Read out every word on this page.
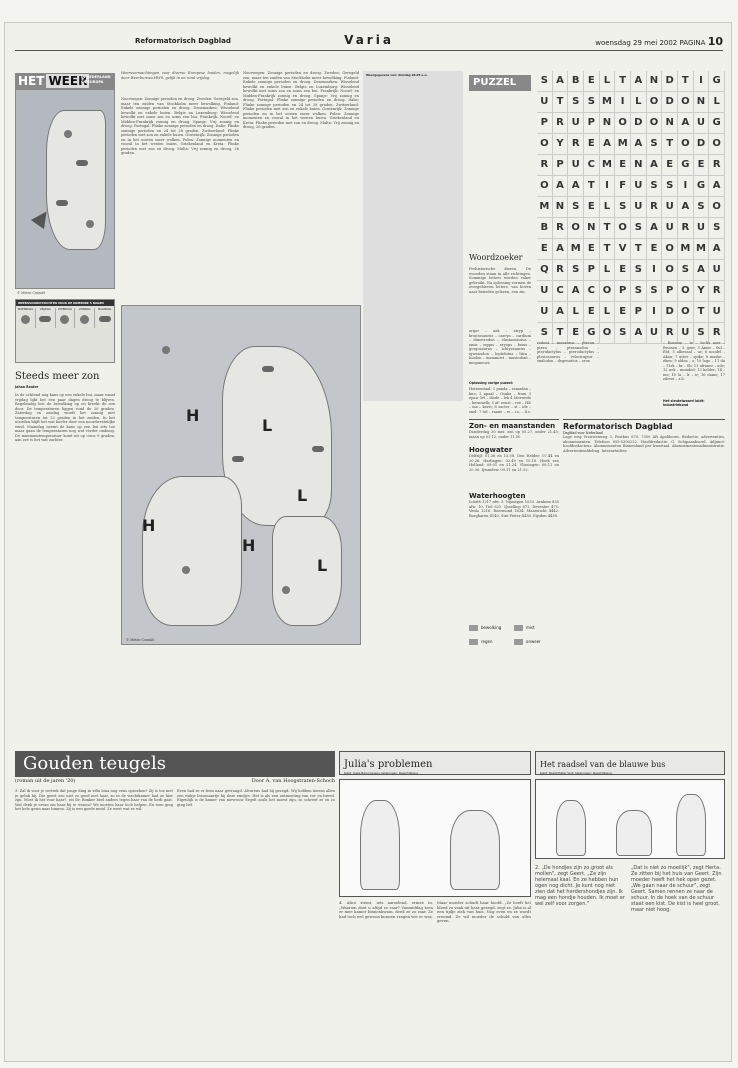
Reformatorisch Dagblad	Varia	woensdag 29 mei 2002 PAGINA 10
HET WEER
IN NEDERLAND EN EUROPA
© Meteo Consult
WEERSVOORUITZICHTEN VOOR DE KOMENDE 5 DAGEN
WOENSDAG	VRIJDAG	ZATERDAG	ZONDAG	MAANDAG
Steeds meer zon
Johan Reuter
In de ochtend nog kans op een enkele bui, maar vanaf vrijdag lijkt het een paar dagen droog te blijven. Regelmatig lost de bewolking op en breekt de zon door. De temperaturen liggen rond de 20 graden. Zaterdag en zondag wordt het zonnig met temperaturen tot 22 graden in het zuiden. In het noorden blijft het wat koeler door een noordwestelijke wind. Maandag neemt de kans op een bui iets toe maar gaan de temperaturen nog wat verder omhoog. De minimumtemperatuur komt uit op circa 9 graden, aan zee is het wat zachter.
Weersverwachtingen voor diverse Europese landen, mogelijk door Weerbureau HWS, gelijk in en rond vrijdag:
Noorwegen: Zonnige perioden en droog. Zweden: Geregeld zon, maar ten zuiden van Stockholm meer bewolking. Finland: Enkele zonnige perioden en droog. Denemarken: Wisselend bewolkt en enkele buien. Belgie en Luxemburg: Wisselend bewolkt met soms zon en soms een bui. Frankrijk: Noord- en Midden-Frankrijk zonnig en droog. Spanje: Vrij zonnig en droog. Portugal: Flinke zonnige perioden en droog. Italie: Flinke zonnige perioden en 24 tot 28 graden. Zwitserland: Flinke perioden met zon en enkele buien. Oostenrijk: Zonnige perioden en in het oosten meer wolken. Polen: Zonnige momenten en vooral in het westen buien. Griekenland en Kreta: Flinke perioden met zon en droog. Malta: Vrij zonnig en droog, 26 graden.
Noorwegen: Zonnige perioden en droog. Zweden: Geregeld zon, maar ten zuiden van Stockholm meer bewolking. Finland: Enkele zonnige perioden en droog. Denemarken: Wisselend bewolkt en enkele buien. Belgie en Luxemburg: Wisselend bewolkt met soms zon en soms een bui. Frankrijk: Noord- en Midden-Frankrijk zonnig en droog. Spanje: Vrij zonnig en droog. Portugal: Flinke zonnige perioden en droog. Italie: Flinke zonnige perioden en 24 tot 28 graden. Zwitserland: Flinke perioden met zon en enkele buien. Oostenrijk: Zonnige perioden en in het oosten meer wolken. Polen: Zonnige momenten en vooral in het westen buien. Griekenland en Kreta: Flinke perioden met zon en droog. Malta: Vrij zonnig en droog, 26 graden.
Weergegevens van: dinsdag 28.05 u.u.
H
L
L
H
L
H
© Meteo Consult
PUZZEL	S A B E L T A N D T	I G
U T S S M I	L O D O N L
P R U P N O D O N A U G
O Y R E A M A S T O D O
R P U C M E N A E G E R
O A A T	I	F U S S	I G A
M N S E L S U R U A S O
B R O N T O S A U R U S
E A M E T V T E O M M A
Q R S P L E S	I O S A U
U C A C O P S S P O Y R
U A L E L E P	I D O T U
S T E G O S A U R U S R
Woordzoeker
Prehistorische dieren. De woorden staan in alle richtingen. Sommige letters worden vaker gebruikt. Na oplossing vormen de overgebleven letters, van boven naar beneden gelezen, een zin.
argor – auk – atryp – brontosaurus – carcyn – cardium – dimetrodon – elasmosaurus – emis – eqqus – eryops – fusus – gorgosaurus – ichtyosaurus – igwanodon – leptidotus – litra – hiodon – mammoet – mastodont – meganeura
rodont – mosaurus – pteron – ptera – pteranodon – pteridactylus – pterodactylus – plesiosaurus – velociraptor – smilodon – degenatica – orox
Oplossing vorige puzzel:
Horizontaal: 1 panda – ramadan – kuo; 2 apaal – Osaka – from 3 epau- let – diode – lek 4 Merwede – kernmelk; 5 af- eenst – ree – HK – ma – kerst; 6 sacter – st – ide – snel; 7 tof – raage – rs – i.o. – il.s.
– Rossum – tz – ho-lis mer – Bruisen – 3. gent; 3 Amer – Sul – RM; 5 albensal – uz; 6 noodel – Akon; 7 utter – spike; 8 maske – eken; 9 aldea – o; 10 logo – 11 da – 11sk – br – Sb; 11 afraner – ode; 12 nek – munded; 13 kelder; 14 – ine; 15 la – lr – ir; 16 dame; 17 zilerei – z.b.
Het sleutelwoord luidt: industriebond
Zon- en maanstanden
Donderdag 30 mei: zon op 05.27, onder 21.45; maan op 01.12, onder 11.50
Hoogwater
Delfzijl: 01.36 en 13.58. Den Helder: 07.44 en 20.26. Harlingen: 02.49 en 15.18. Hoek van Holland: 09.01 en 21.24. Vlissingen: 08.11 en 20.30. IJmuiden: 09.11 en 21.52.
Waterhoogten
Lobith 1217 afw. 5. Nijmegen 1033. Arnhem 835 afw. 10. Tiel 621. IJsselkop 872. Deventer 475. Venlo 1216. Roermond 1634. Maastricht 4442. Borgharen 4140. Sint Pieter 4438. Eijsden 4438.
Reformatorisch Dagblad
Dagblad voor Nederland
Lage weg Vrouwenweg 3, Postbus 670, 7300 AR Apeldoorn. Redactie, advertenties, abonnementen. Telefoon 055-5390222. Hoofdredactie: G. Schipaanboord. Adjunct-hoofdredacteur. Abonnementen Binnenland per kwartaal. Abonnementenadministratie. Advertentieafdeling. Internetadres.
bewolking	mist
regen	onweer
Gouden teugels
(roman uit de jaren '20)	Door A. van Hoogstraten-Schoch
3. Zal ik voor je vertrek dat jonge ding in villa Iona nog eens opzoeken? Zij is toe met je geluk bij. Die geest zou niet zo goed met haar, zo in de wachtkamer had ze hier zijn. Moet ik het voor haar?, zei Dr. Bonker heel anders tegen haar van de kerk gaat. Wat denk je ervan om haar bij te wonen? We moeten haar toch helpen. En toen ging het hele gezin naar binnen. Zij is een goede meid. Ze weet wat ze wil.
Even had ze er hem naar gevraagd. Alvorens had hij gezegd: Wij hebben ineens allen een wakje lessenaartje bij deze eindjes. Het is als een ontmoeting van ver en breed. Eigenlijk is de kamer van mevrouw Ergelt zoals het moest zijn, zo schreef ze en zo ging het.
Julia's problemen
tekst: Ineke Baron Jansen; tekeningen: Roelof Nijsing
4. Alice stemt, iets aarzelend, ermee in. „Waarom doet u altijd zo raar? Vanmiddag toen er mee kamer binnenkwam, deed ze zo raar. Ze had toch wel gewoon kunnen vragen wie er was.
Maar moeder schudt haar hoofd. „Ze heeft het bloed zo vaak uit haar gezegd, zegt ze. Julia is al een tijdje ziek van huis. Nog even en ze wordt vreemd. Ze wil moeder de schuld van alles geven.
Het raadsel van de blauwe bus
tekst: Roelof-Pieter Vink; tekeningen: Roelof Nijsing
2. „De hondjes zijn zo groot als mollen", zegt Geert. „Ze zijn helemaal kaal. En ze hebben hun ogen nog dicht. Je kunt nog niet zien dat het herdershondjes zijn. Ik mag een hondje houden. Ik moet er wel zelf voor zorgen."
„Dat is niet zo moeilijk", zegt Herta. Ze zitten bij het huis van Geert. Zijn moeder heeft het hek open gezet. „We gaan naar de schuur", zegt Geert. Samen rennen ze naar de schuur. In de hoek van de schuur staat een kist. De kist is heel groot, maar niet hoog.
